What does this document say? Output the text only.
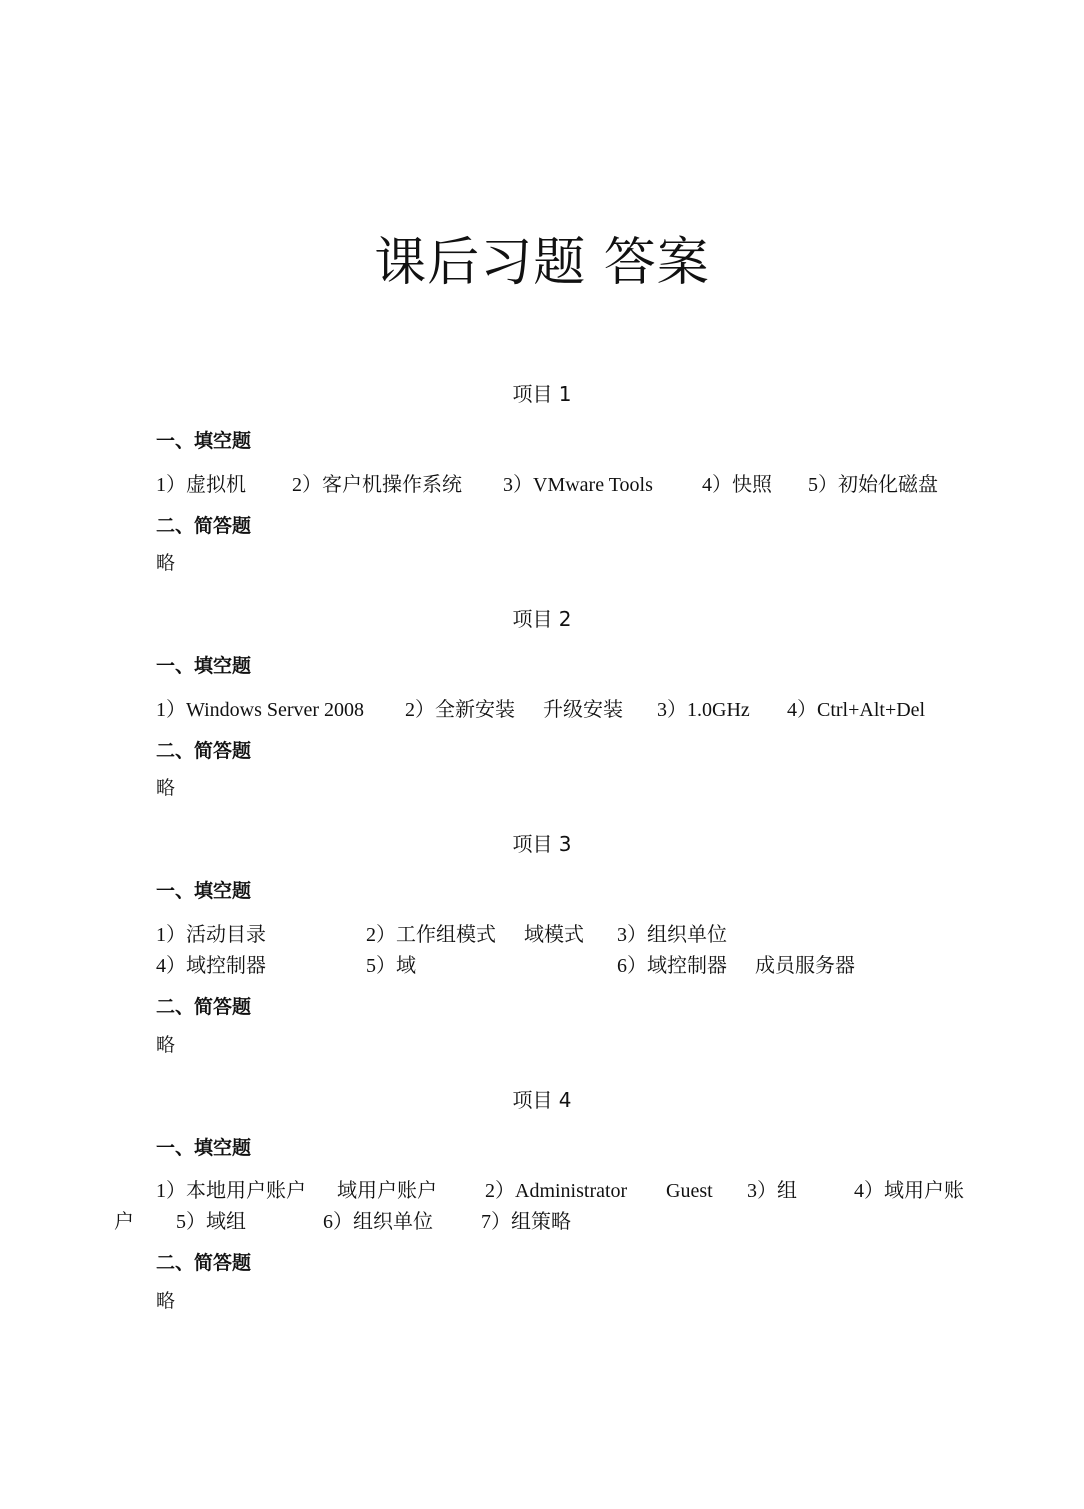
课后习题 答案
项目 1
一、填空题
1）虚拟机 2）客户机操作系统 3）VMware Tools 4）快照 5）初始化磁盘
二、简答题
略
项目 2
一、填空题
1）Windows Server 2008 2）全新安装 升级安装 3）1.0GHz 4）Ctrl+Alt+Del
二、简答题
略
项目 3
一、填空题
1）活动目录	2）工作组模式 域模式 3）组织单位
4）域控制器	5）域	6）域控制器 成员服务器
二、简答题
略
项目 4
一、填空题
1）本地用户账户 域用户账户 2）Administrator Guest 3）组	4）域用户账
户 5）域组	6）组织单位 7）组策略
二、简答题
略
